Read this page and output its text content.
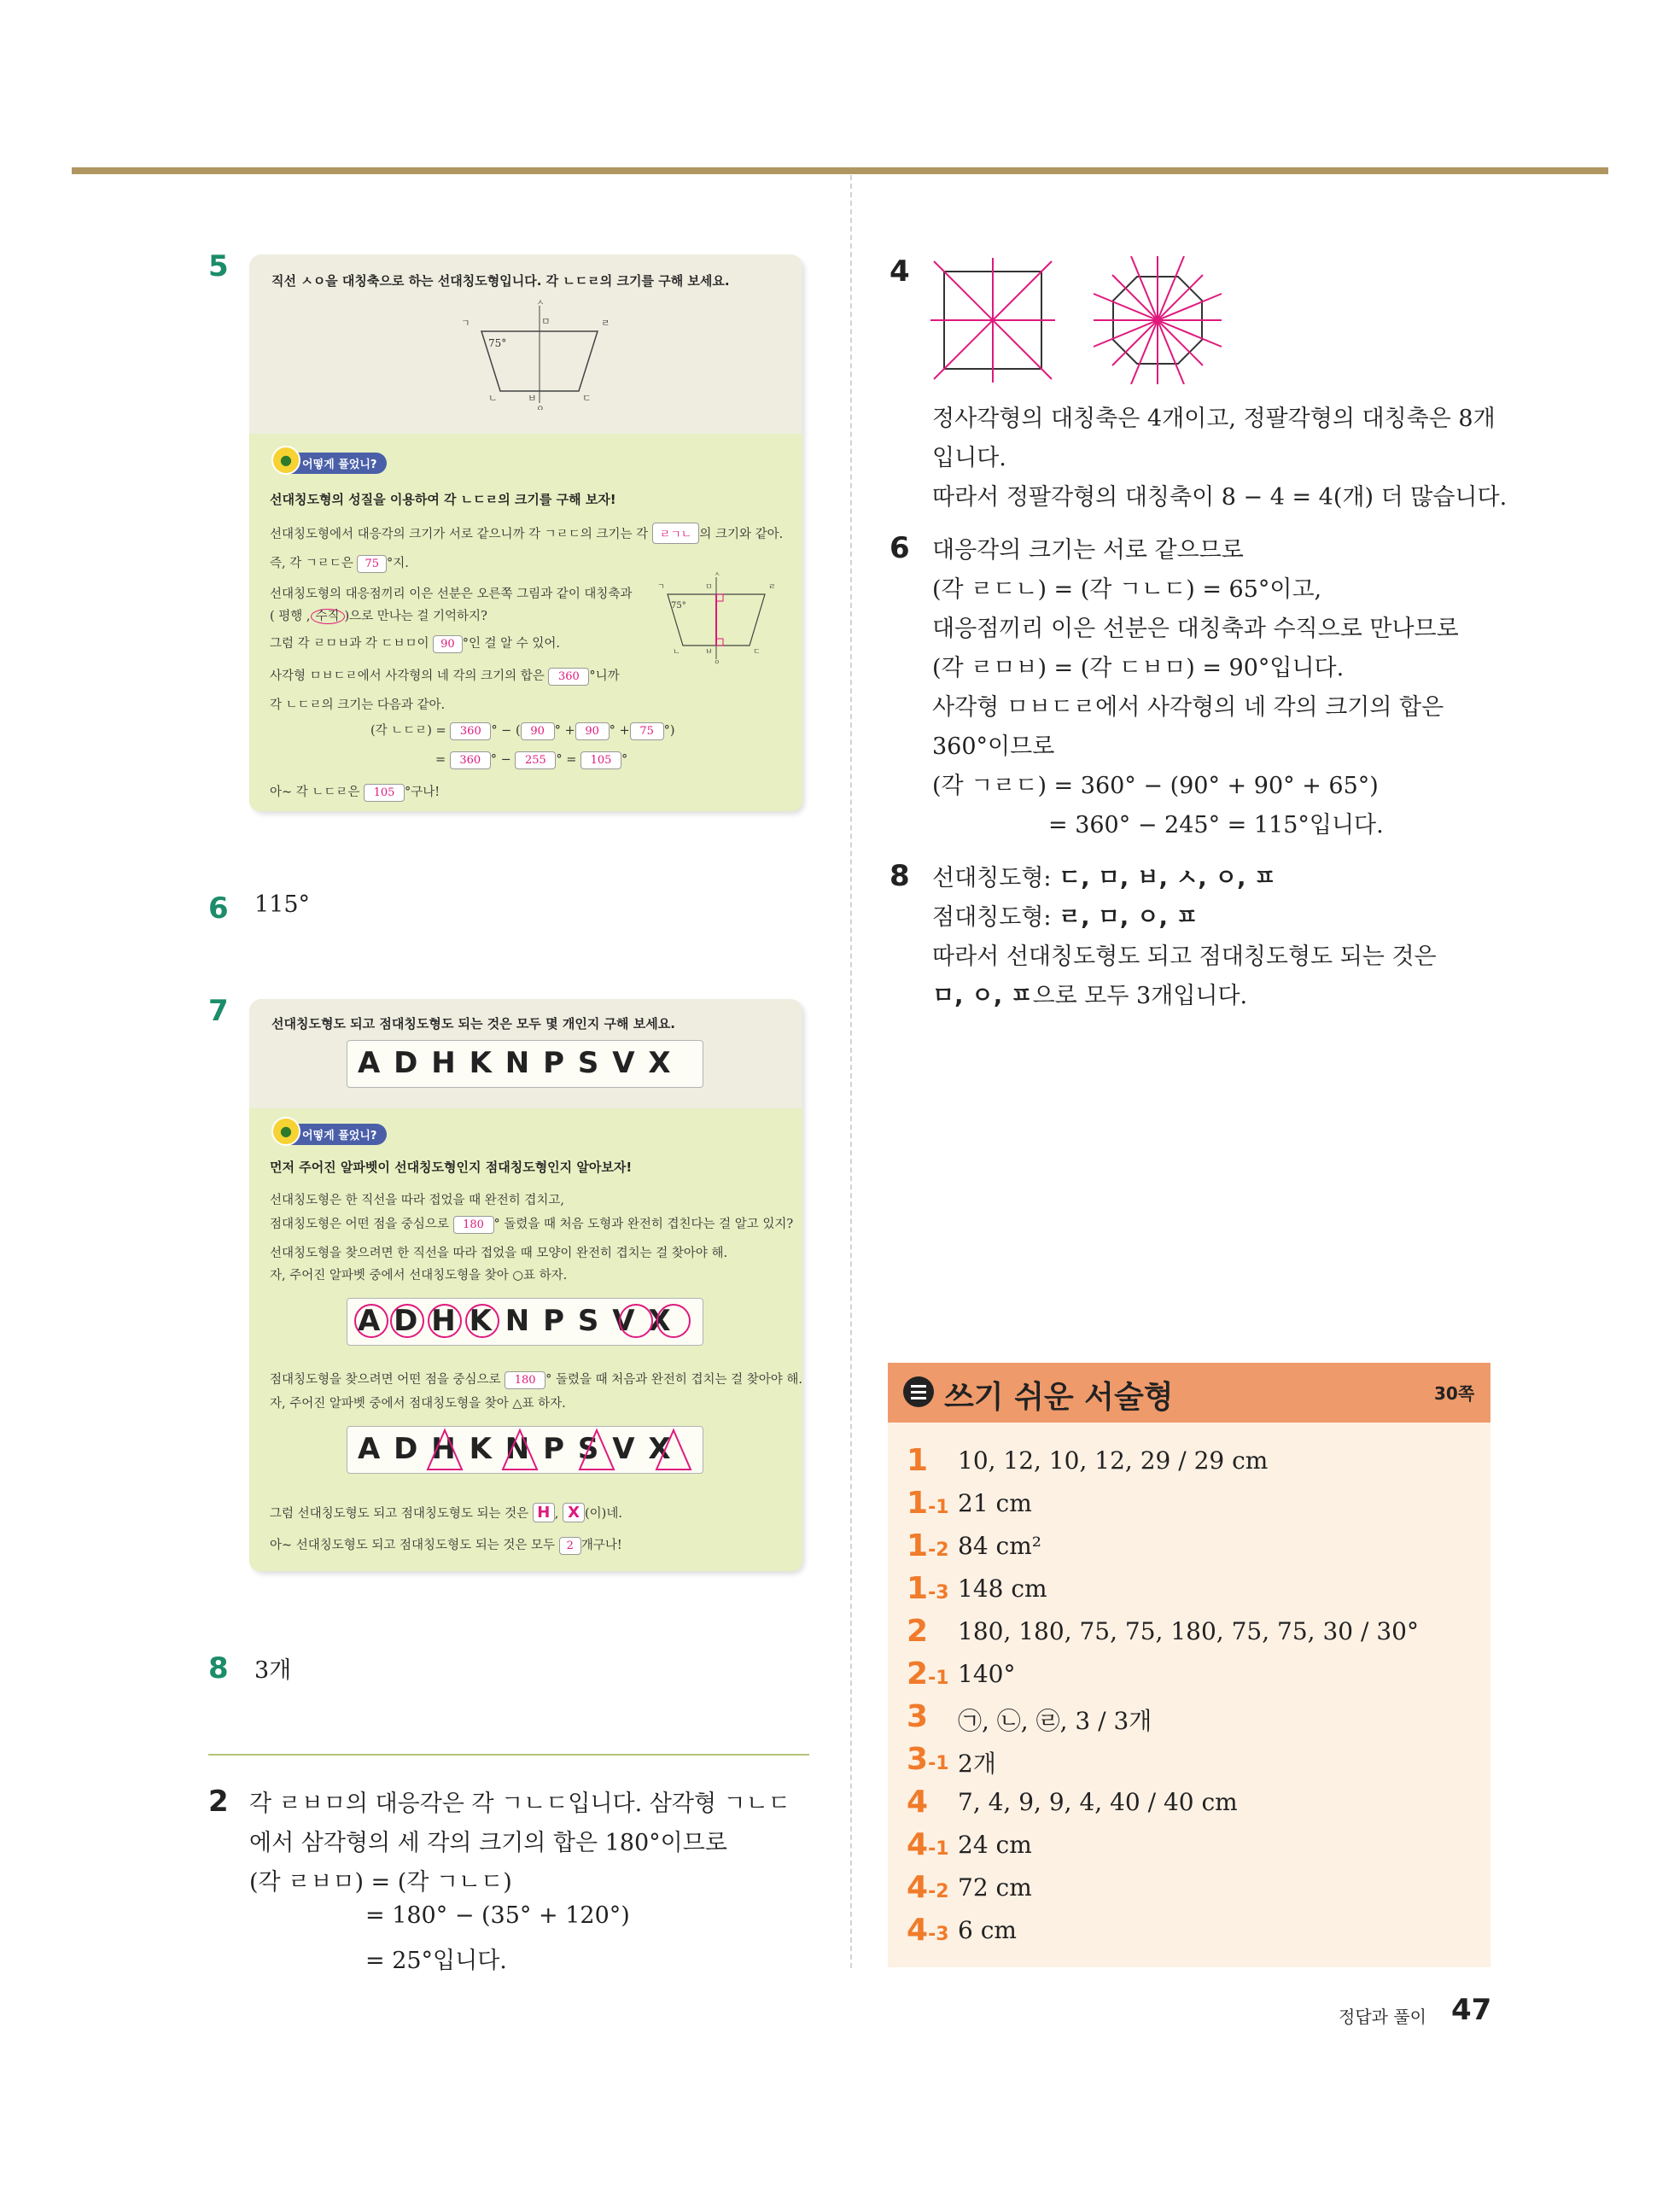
5	직선 ㅅㅇ을 대칭축으로 하는 선대칭도형입니다. 각 ㄴㄷㄹ의 크기를 구해 보세요.
ㄱ	ㅁ	ㄹ
ㅅ
ㄴ	ㅂ	ㄷ
ㅇ
75°
● 어떻게 풀었니?
선대칭도형의 성질을 이용하여 각 ㄴㄷㄹ의 크기를 구해 보자!
선대칭도형에서 대응각의 크기가 서로 같으니까 각 ㄱㄹㄷ의 크기는 각 ㄹㄱㄴ 의 크기와 같아.
즉, 각 ㄱㄹㄷ은 75 °지.
선대칭도형의 대응점끼리 이은 선분은 오른쪽 그림과 같이 대칭축과
( 평행 , 수직 )으로 만나는 걸 기억하지?
그럼 각 ㄹㅁㅂ과 각 ㄷㅂㅁ이 90 °인 걸 알 수 있어.
사각형 ㅁㅂㄷㄹ에서 사각형의 네 각의 크기의 합은 360 °니까
각 ㄴㄷㄹ의 크기는 다음과 같아.
(각 ㄴㄷㄹ) = 360 ° − ( 90 ° + 90 ° + 75 °)
= 360 ° − 255 ° = 105 °
아~ 각 ㄴㄷㄹ은 105 °구나!
ㄱ	ㄹ
ㅁ
ㅅ
ㄴ	ㅂ	ㄷ
ㅇ
75°
6 115°
7	선대칭도형도 되고 점대칭도형도 되는 것은 모두 몇 개인지 구해 보세요.
A D H K N P S V X
● 어떻게 풀었니?
먼저 주어진 알파벳이 선대칭도형인지 점대칭도형인지 알아보자!
선대칭도형은 한 직선을 따라 접었을 때 완전히 겹치고,
점대칭도형은 어떤 점을 중심으로 180 ° 돌렸을 때 처음 도형과 완전히 겹친다는 걸 알고 있지?
선대칭도형을 찾으려면 한 직선을 따라 접었을 때 모양이 완전히 겹치는 걸 찾아야 해.
자, 주어진 알파벳 중에서 선대칭도형을 찾아 ○표 하자.
A D H K N P S V X
점대칭도형을 찾으려면 어떤 점을 중심으로 180 ° 돌렸을 때 처음과 완전히 겹치는 걸 찾아야 해.
자, 주어진 알파벳 중에서 점대칭도형을 찾아 △표 하자.
A D H K N P S V X
그럼 선대칭도형도 되고 점대칭도형도 되는 것은 H , X (이)네.
아~ 선대칭도형도 되고 점대칭도형도 되는 것은 모두 2 개구나!
8 3개
2 각 ㄹㅂㅁ의 대응각은 각 ㄱㄴㄷ입니다. 삼각형 ㄱㄴㄷ
에서 삼각형의 세 각의 크기의 합은 180°이므로
(각 ㄹㅂㅁ) = (각 ㄱㄴㄷ)
= 180° − (35° + 120°)
= 25°입니다.
4
정사각형의 대칭축은 4개이고, 정팔각형의 대칭축은 8개
입니다.
따라서 정팔각형의 대칭축이 8 − 4 = 4(개) 더 많습니다.
6 대응각의 크기는 서로 같으므로
(각 ㄹㄷㄴ) = (각 ㄱㄴㄷ) = 65°이고,
대응점끼리 이은 선분은 대칭축과 수직으로 만나므로
(각 ㄹㅁㅂ) = (각 ㄷㅂㅁ) = 90°입니다.
사각형 ㅁㅂㄷㄹ에서 사각형의 네 각의 크기의 합은
360°이므로
(각 ㄱㄹㄷ) = 360° − (90° + 90° + 65°)
= 360° − 245° = 115°입니다.
8 선대칭도형: ㄷ, ㅁ, ㅂ, ㅅ, ㅇ, ㅍ
점대칭도형: ㄹ, ㅁ, ㅇ, ㅍ
따라서 선대칭도형도 되고 점대칭도형도 되는 것은
ㅁ, ㅇ, ㅍ으로 모두 3개입니다.
쓰기 쉬운 서술형	30쪽
1 10, 12, 10, 12, 29 / 29 cm
1-1 21 cm
1-2 84 cm²
1-3 148 cm
2 180, 180, 75, 75, 180, 75, 75, 30 / 30°
2-1 140°
3 ㉠, ㉡, ㉣, 3 / 3개
3-1 2개
4 7, 4, 9, 9, 4, 40 / 40 cm
4-1 24 cm
4-2 72 cm
4-3 6 cm
정답과 풀이 47
